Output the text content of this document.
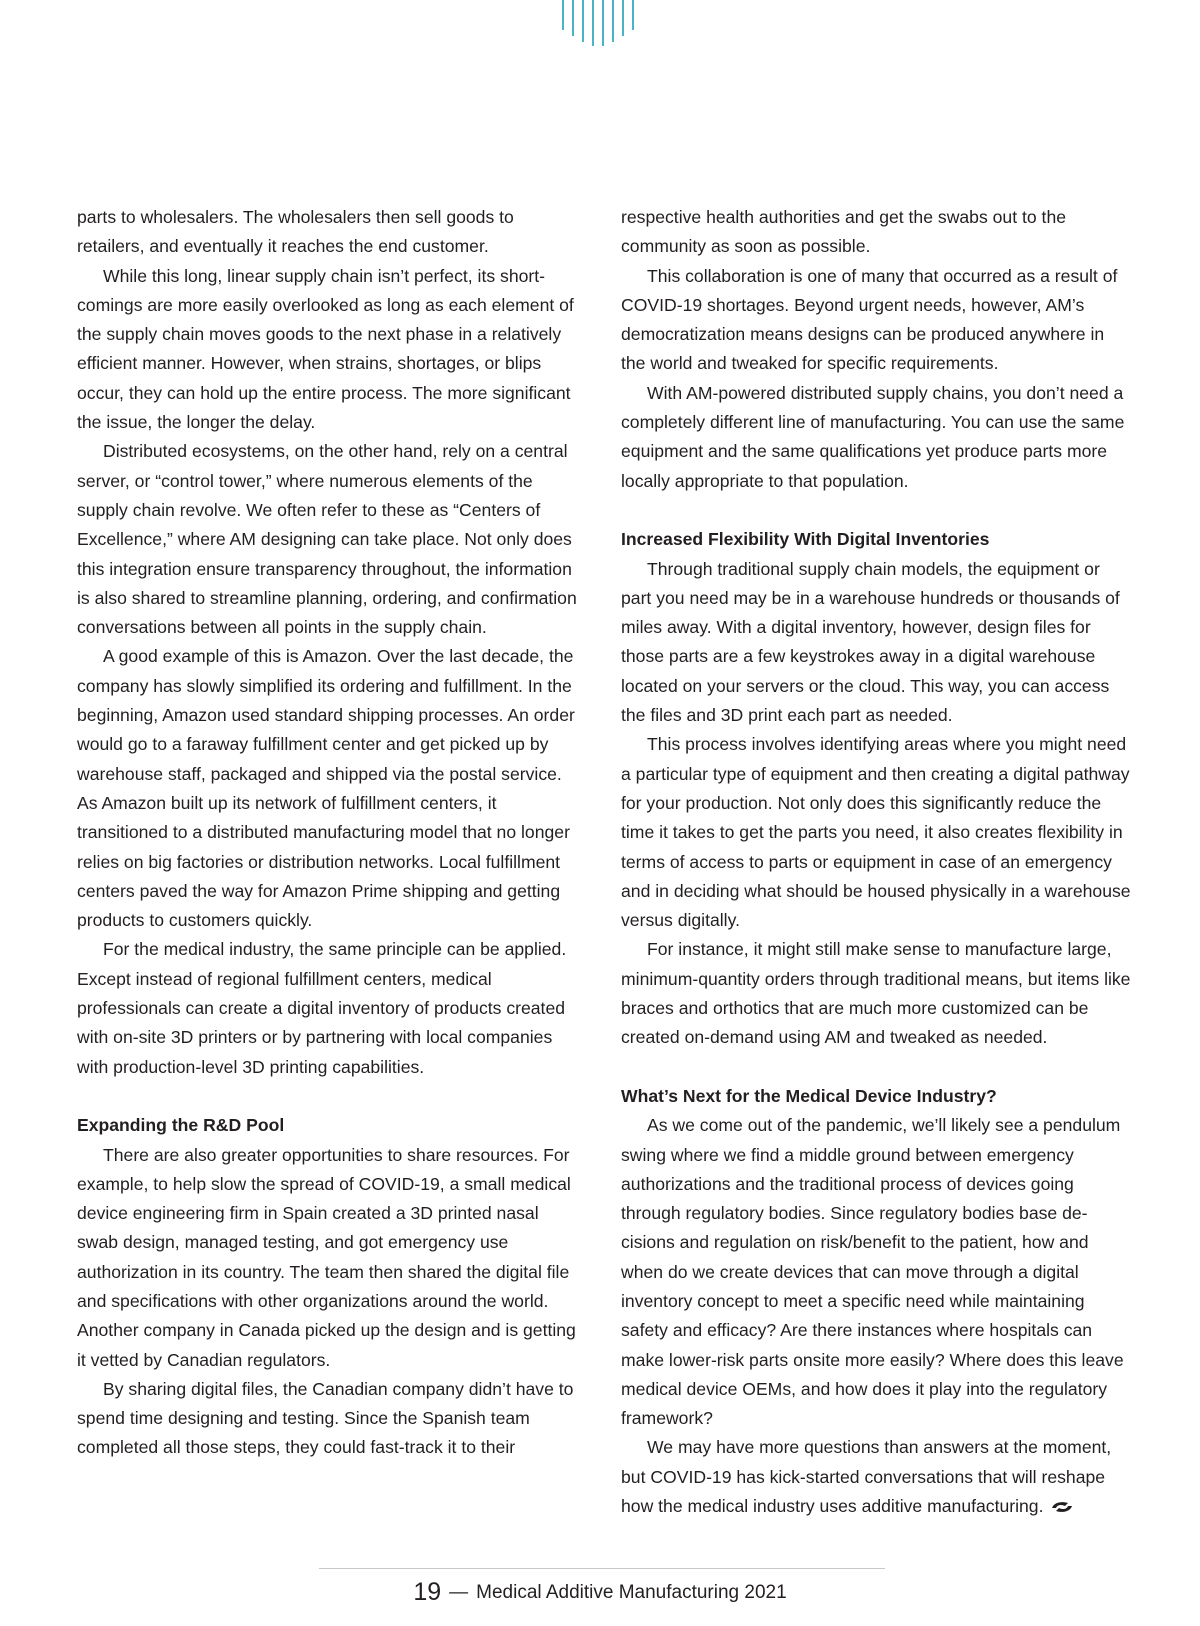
parts to wholesalers. The wholesalers then sell goods to retailers, and eventually it reaches the end customer.

While this long, linear supply chain isn’t perfect, its shortcomings are more easily overlooked as long as each element of the supply chain moves goods to the next phase in a relatively efficient manner. However, when strains, shortages, or blips occur, they can hold up the entire process. The more significant the issue, the longer the delay.

Distributed ecosystems, on the other hand, rely on a central server, or “control tower,” where numerous elements of the supply chain revolve. We often refer to these as “Centers of Excellence,” where AM designing can take place. Not only does this integration ensure transparency throughout, the information is also shared to streamline planning, ordering, and confirmation conversations between all points in the supply chain.

A good example of this is Amazon. Over the last decade, the company has slowly simplified its ordering and fulfillment. In the beginning, Amazon used standard shipping processes. An order would go to a faraway fulfillment center and get picked up by warehouse staff, packaged and shipped via the postal service. As Amazon built up its network of fulfillment centers, it transitioned to a distributed manufacturing model that no longer relies on big factories or distribution networks. Local fulfillment centers paved the way for Amazon Prime shipping and getting products to customers quickly.

For the medical industry, the same principle can be applied. Except instead of regional fulfillment centers, medical professionals can create a digital inventory of products created with on-site 3D printers or by partnering with local companies with production-level 3D printing capabilities.

Expanding the R&D Pool

There are also greater opportunities to share resources. For example, to help slow the spread of COVID-19, a small medical device engineering firm in Spain created a 3D printed nasal swab design, managed testing, and got emergency use authorization in its country. The team then shared the digital file and specifications with other organizations around the world. Another company in Canada picked up the design and is getting it vetted by Canadian regulators.

By sharing digital files, the Canadian company didn’t have to spend time designing and testing. Since the Spanish team completed all those steps, they could fast-track it to their

respective health authorities and get the swabs out to the community as soon as possible.

This collaboration is one of many that occurred as a result of COVID-19 shortages. Beyond urgent needs, however, AM’s democratization means designs can be produced anywhere in the world and tweaked for specific requirements.

With AM-powered distributed supply chains, you don’t need a completely different line of manufacturing. You can use the same equipment and the same qualifications yet produce parts more locally appropriate to that population.

Increased Flexibility With Digital Inventories

Through traditional supply chain models, the equipment or part you need may be in a warehouse hundreds or thousands of miles away. With a digital inventory, however, design files for those parts are a few keystrokes away in a digital warehouse located on your servers or the cloud. This way, you can access the files and 3D print each part as needed.

This process involves identifying areas where you might need a particular type of equipment and then creating a digital pathway for your production. Not only does this significantly reduce the time it takes to get the parts you need, it also creates flexibility in terms of access to parts or equipment in case of an emergency and in deciding what should be housed physically in a warehouse versus digitally.

For instance, it might still make sense to manufacture large, minimum-quantity orders through traditional means, but items like braces and orthotics that are much more customized can be created on-demand using AM and tweaked as needed.

What’s Next for the Medical Device Industry?

As we come out of the pandemic, we’ll likely see a pendulum swing where we find a middle ground between emergency authorizations and the traditional process of devices going through regulatory bodies. Since regulatory bodies base decisions and regulation on risk/benefit to the patient, how and when do we create devices that can move through a digital inventory concept to meet a specific need while maintaining safety and efficacy? Are there instances where hospitals can make lower-risk parts onsite more easily? Where does this leave medical device OEMs, and how does it play into the regulatory framework?

We may have more questions than answers at the moment, but COVID-19 has kick-started conversations that will reshape how the medical industry uses additive manufacturing.

19 — Medical Additive Manufacturing 2021
